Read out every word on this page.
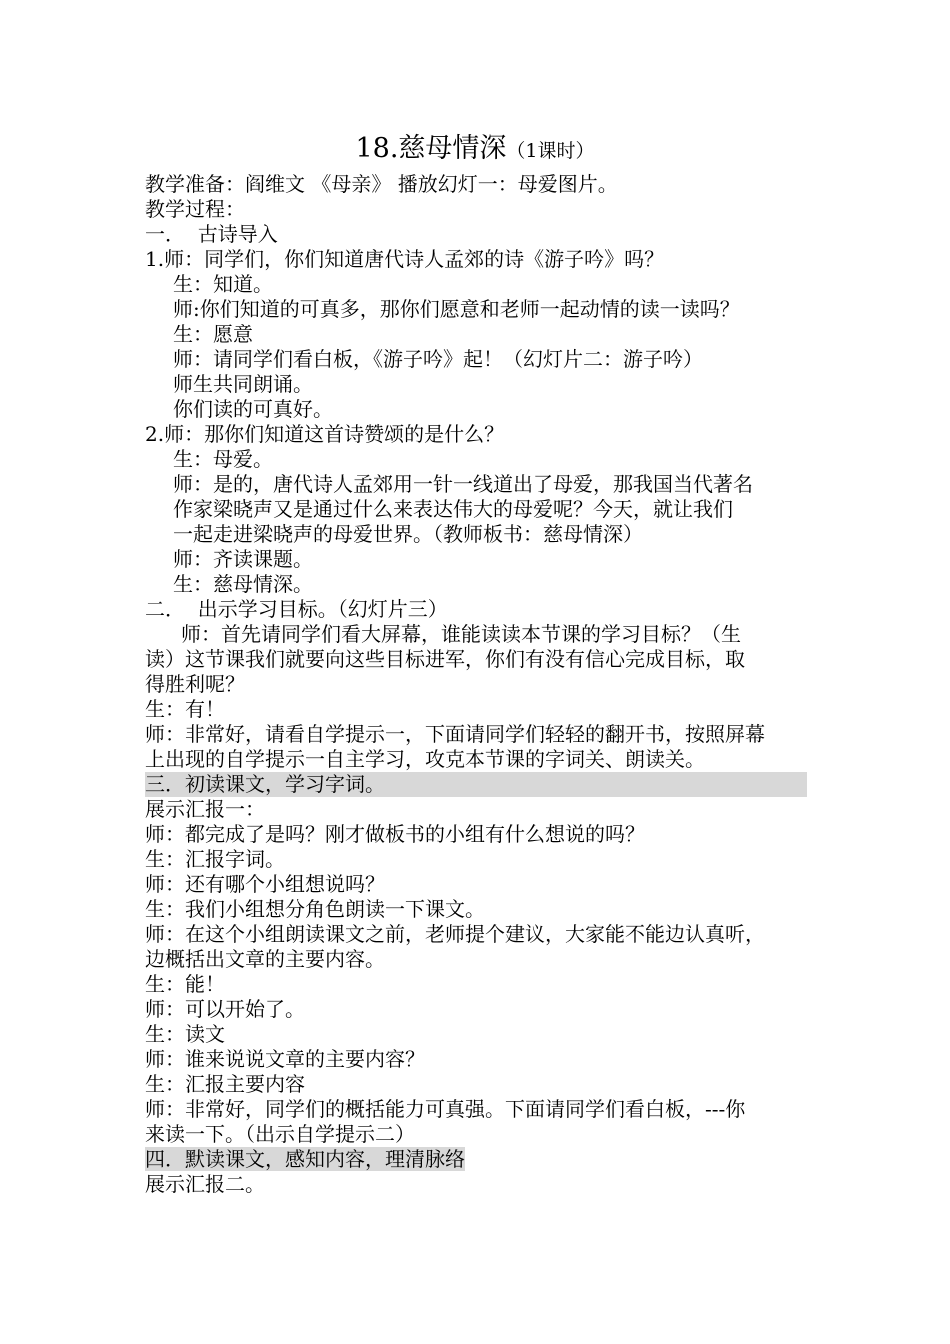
18.慈母情深（1课时）

教学准备：阎维文 《母亲》 播放幻灯一：母爱图片。

教学过程：

一．  古诗导入

1.师：同学们，你们知道唐代诗人孟郊的诗《游子吟》吗？

生：知道。

师:你们知道的可真多，那你们愿意和老师一起动情的读一读吗？

生：愿意

师：请同学们看白板，《游子吟》起！（幻灯片二：游子吟）

师生共同朗诵。

你们读的可真好。

2.师：那你们知道这首诗赞颂的是什么？

生：母爱。

师：是的，唐代诗人孟郊用一针一线道出了母爱，那我国当代著名

作家梁晓声又是通过什么来表达伟大的母爱呢？今天，就让我们

一起走进梁晓声的母爱世界。（教师板书：慈母情深）

师：齐读课题。

生：慈母情深。

二．  出示学习目标。（幻灯片三）

师：首先请同学们看大屏幕，谁能读读本节课的学习目标？（生

读）这节课我们就要向这些目标进军，你们有没有信心完成目标，取

得胜利呢？

生：有！

师：非常好，请看自学提示一，下面请同学们轻轻的翻开书，按照屏幕

上出现的自学提示一自主学习，攻克本节课的字词关、朗读关。

三．初读课文，学习字词。

展示汇报一：

师：都完成了是吗？刚才做板书的小组有什么想说的吗？

生：汇报字词。

师：还有哪个小组想说吗？

生：我们小组想分角色朗读一下课文。

师：在这个小组朗读课文之前，老师提个建议，大家能不能边认真听，

边概括出文章的主要内容。

生：能！

师：可以开始了。

生：读文

师：谁来说说文章的主要内容？

生：汇报主要内容

师：非常好，同学们的概括能力可真强。下面请同学们看白板，---你

来读一下。（出示自学提示二）

四．默读课文，感知内容，理清脉络

展示汇报二。
